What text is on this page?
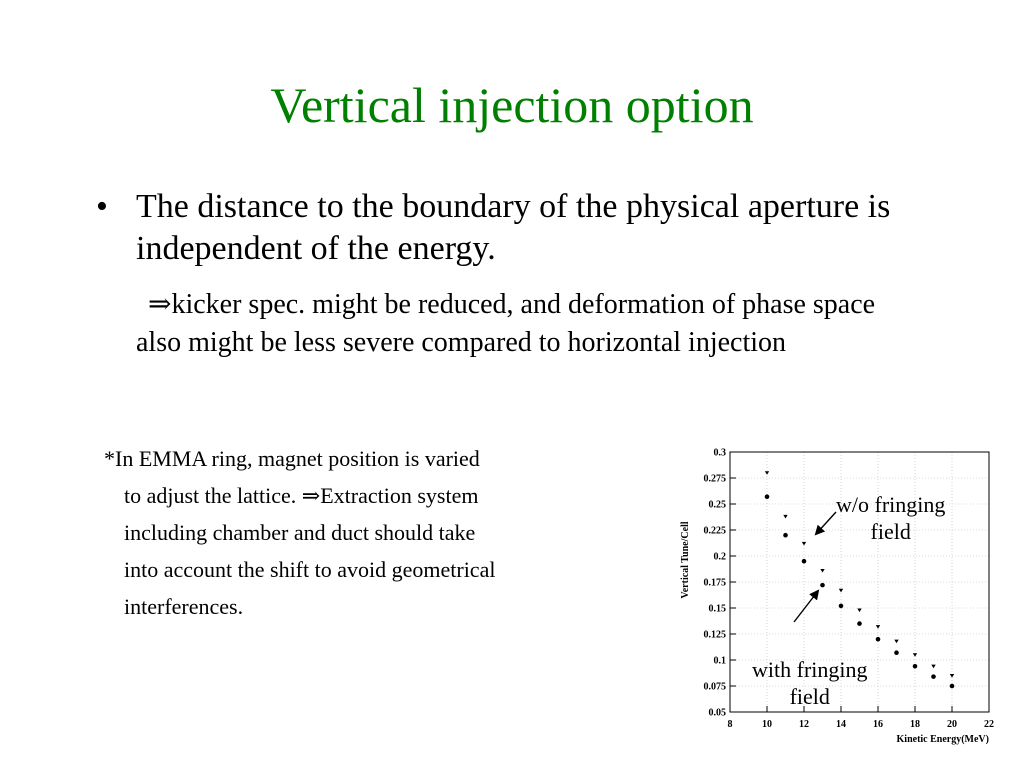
Vertical injection option
• The distance to the boundary of the physical aperture is independent of the energy.
⇒kicker spec. might be reduced, and deformation of phase space also might be less severe compared to horizontal injection
*In EMMA ring, magnet position is varied
to adjust the lattice. ⇒Extraction system
including chamber and duct should take
into account the shift to avoid geometrical
interferences.
Vertical Tune/Cell
Kinetic Energy(MeV)
8	10	12	14	16	18	20	22
0.05
0.075
0.1
0.125
0.15
0.175
0.2
0.225
0.25
0.275
0.3
w/o fringing
field
with fringing
field
